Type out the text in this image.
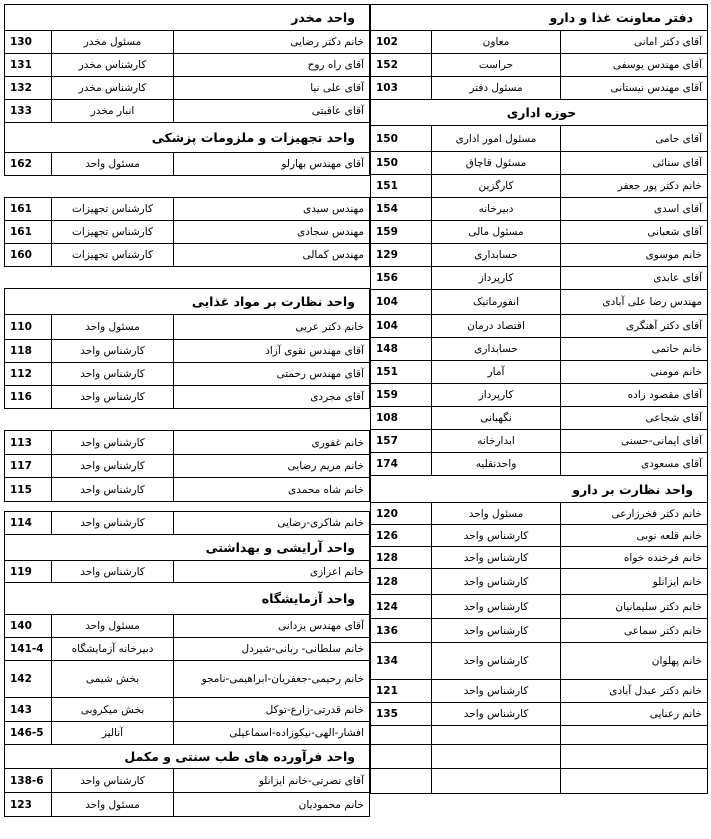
دفتر معاونت غذا و دارو		
آقای دکتر امانی	معاون	102
آقای مهندس یوسفی	حراست	152
آقای مهندس نیستانی	مسئول دفتر	103
حوزه اداری		
آقای حامی	مسئول امور اداری	150
آقای سنائی	مسئول قاچاق	150
خانم دکتر پور جعفر	کارگزین	151
آقای اسدی	دبیرخانه	154
آقای شعبانی	مسئول مالی	159
خانم موسوی	حسابداری	129
آقای عابدی	کارپرداز	156
مهندس رضا علی آبادی	انفورماتیک	104
آقای دکتر آهنگری	اقتصاد درمان	104
خانم حاتمی	حسابداری	148
خانم مومنی	آمار	151
آقای مقصود زاده	کارپرداز	159
آقای شجاعی	نگهبانی	108
آقای ایمانی-حسنی	ابدارخانه	157
آقای مسعودی	واحدنقلیه	174
واحد نظارت بر دارو		
خانم دکتر فخرزارعی	مسئول واحد	120
خانم قلعه نوبی	کارشناس واحد	126
خانم فرخنده خواه	کارشناس واحد	128
خانم ایزانلو	کارشناس واحد	128
خانم دکتر سلیمانیان	کارشناس واحد	124
خانم دکتر سماعی	کارشناس واحد	136
خانم پهلوان	کارشناس واحد	134
خانم دکتر عبدل آبادی	کارشناس واحد	121
خانم رعنایی	کارشناس واحد	135

واحد مخدر		
خانم دکتر رضایی	مسئول مخدر	130
آقای راه روح	کارشناس مخدر	131
آقای علی نیا	کارشناس مخدر	132
آقای عاقبتی	انبار مخدر	133
واحد تجهیزات و ملزومات پزشکی		
آقای مهندس بهارلو	مسئول واحد	162

مهندس سیدی	کارشناس تجهیزات	161
مهندس سجادی	کارشناس تجهیزات	161
مهندس کمالی	کارشناس تجهیزات	160

واحد نظارت بر مواد غذایی		
خانم دکتر عربی	مسئول واحد	110
آقای مهندس نقوی آزاد	کارشناس واحد	118
آقای مهندس رحمتی	کارشناس واحد	112
آقای مجردی	کارشناس واحد	116

خانم غفوری	کارشناس واحد	113
خانم مریم رضایی	کارشناس واحد	117
خانم شاه محمدی	کارشناس واحد	115

خانم شاکری-رضایی	کارشناس واحد	114
واحد آرایشی و بهداشتی		
خانم اعزازی	کارشناس واحد	119
واحد آزمایشگاه		
آقای مهندس یزدانی	مسئول واحد	140
خانم سلطانی- ربانی-شیردل	دبیرخانه آزمایشگاه	141-4
خانم رحیمی-جعفریان-ابراهیمی-نامجو	بخش شیمی	142
خانم قدرتی-زارع-توکل	بخش میکروبی	143
افشار-الهی-نیکوزاده-اسماعیلی	آنالیز	146-5
واحد فرآورده های طب سنتی و مکمل		
آقای نصرتی-خانم ایزانلو	کارشناس واحد	138-6
خانم محمودیان	مسئول واحد	123
